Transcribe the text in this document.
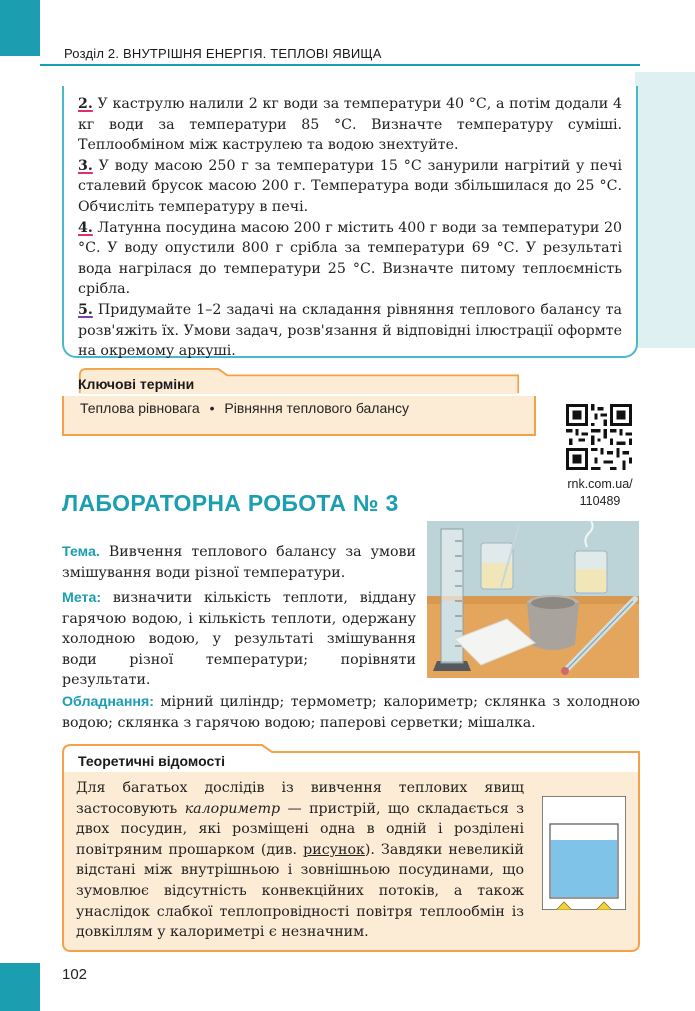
Розділ 2. ВНУТРІШНЯ ЕНЕРГІЯ. ТЕПЛОВІ ЯВИЩА

2. У каструлю налили 2 кг води за температури 40 °С, а потім додали 4 кг води за температури 85 °С. Визначте температуру суміші. Теплообміном між каструлею та водою знехтуйте.

3. У воду масою 250 г за температури 15 °С занурили нагрітий у печі сталевий брусок масою 200 г. Температура води збільшилася до 25 °С. Обчисліть температуру в печі.

4. Латунна посудина масою 200 г містить 400 г води за температури 20 °С. У воду опустили 800 г срібла за температури 69 °С. У результаті вода нагрілася до температури 25 °С. Визначте питому теплоємність срібла.

5. Придумайте 1–2 задачі на складання рівняння теплового балансу та розв'яжіть їх. Умови задач, розв'язання й відповідні ілюстрації оформте на окремому аркуші.

Ключові терміни
Теплова рівновага • Рівняння теплового балансу
rnk.com.ua/
110489
ЛАБОРАТОРНА РОБОТА № 3

Тема. Вивчення теплового балансу за умови змішування води різної температури.

Мета: визначити кількість теплоти, віддану гарячою водою, і кількість теплоти, одержану холодною водою, у результаті змішування води різної температури; порівняти результати.

Обладнання: мірний циліндр; термометр; калориметр; склянка з холодною водою; склянка з гарячою водою; паперові серветки; мішалка.

Теоретичні відомості

Для багатьох дослідів із вивчення теплових явищ застосовують калориметр — пристрій, що складається з двох посудин, які розміщені одна в одній і розділені повітряним прошарком (див. рисунок). Завдяки невеликій відстані між внутрішньою і зовнішньою посудинами, що зумовлює відсутність конвекційних потоків, а також унаслідок слабкої теплопровідності повітря теплообмін із довкіллям у калориметрі є незначним.

102
